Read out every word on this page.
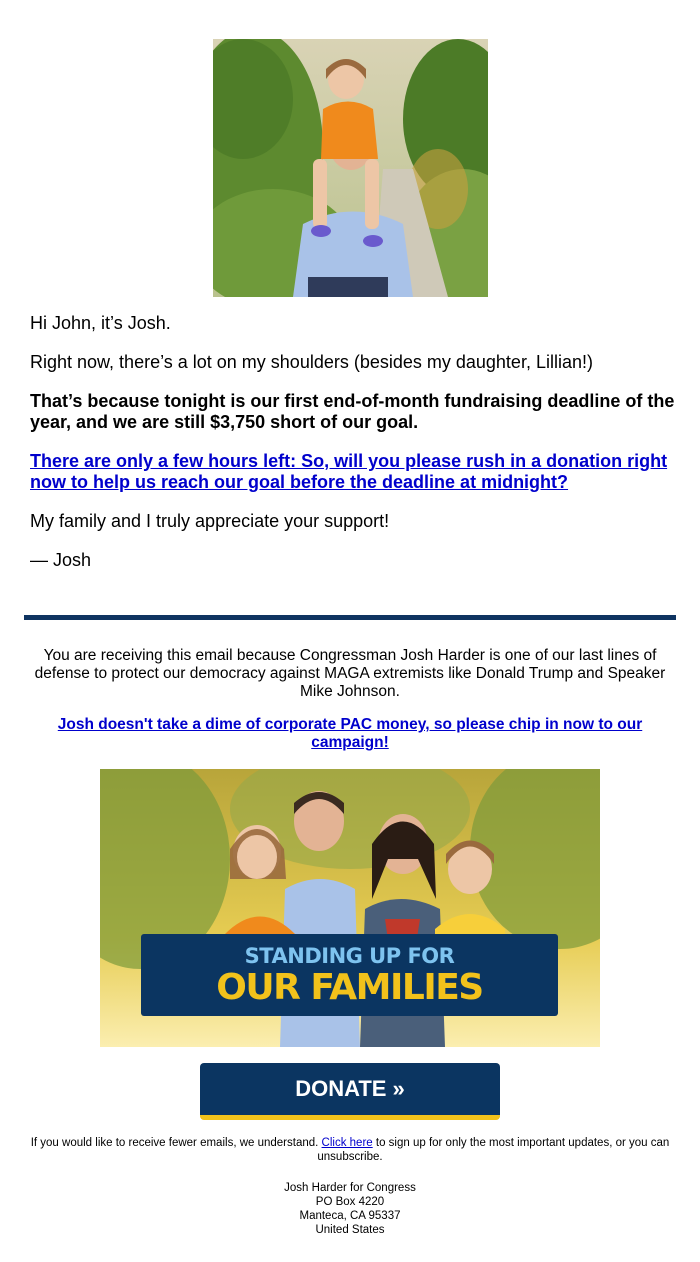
Hi John, it’s Josh.

Right now, there’s a lot on my shoulders (besides my daughter, Lillian!)

That’s because tonight is our first end-of-month fundraising deadline of the year, and we are still $3,750 short of our goal.

There are only a few hours left: So, will you please rush in a donation right now to help us reach our goal before the deadline at midnight?

My family and I truly appreciate your support!

— Josh

You are receiving this email because Congressman Josh Harder is one of our last lines of defense to protect our democracy against MAGA extremists like Donald Trump and Speaker Mike Johnson.
Josh doesn't take a dime of corporate PAC money, so please chip in now to our campaign!
STANDING UP FOR
OUR FAMILIES
DONATE »
If you would like to receive fewer emails, we understand. Click here to sign up for only the most important updates, or you can unsubscribe.
Josh Harder for Congress
PO Box 4220
Manteca, CA 95337
United States
